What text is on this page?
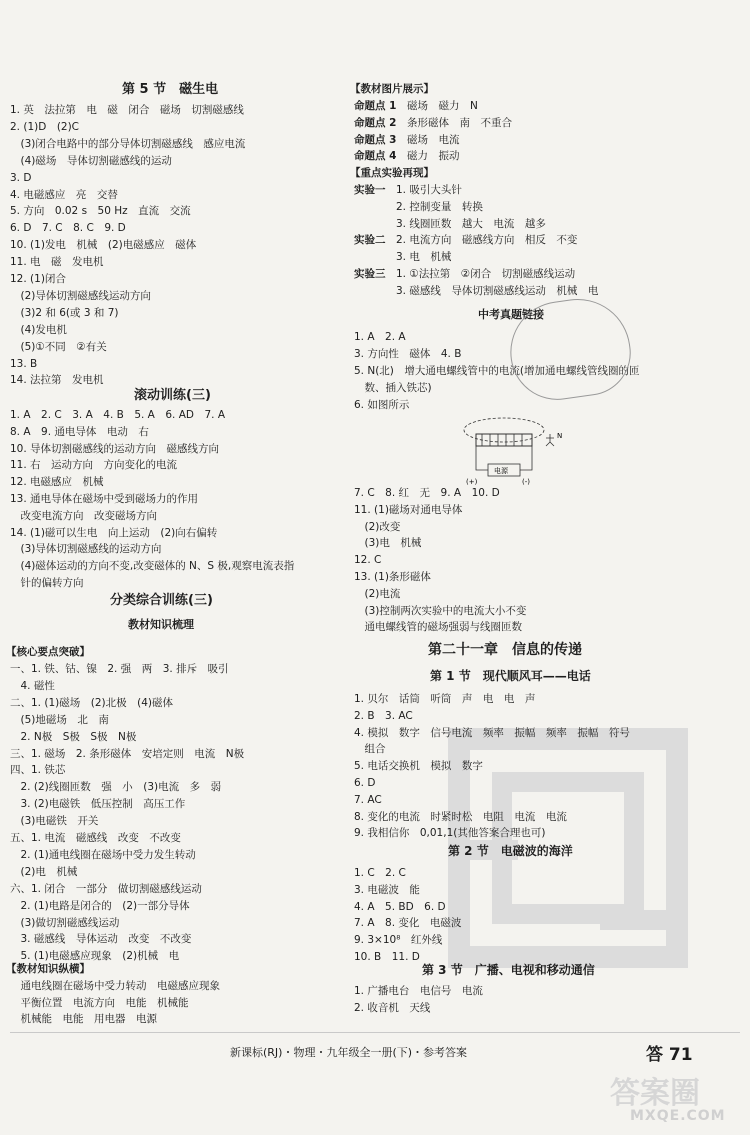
第 5 节　磁生电
1. 英　法拉第　电　磁　闭合　磁场　切割磁感线
2. (1)D　(2)C
　(3)闭合电路中的部分导体切割磁感线　感应电流
　(4)磁场　导体切割磁感线的运动
3. D
4. 电磁感应　亮　交替
5. 方向　0.02 s　50 Hz　直流　交流
6. D　7. C　8. C　9. D
10. (1)发电　机械　(2)电磁感应　磁体
11. 电　磁　发电机
12. (1)闭合
　(2)导体切割磁感线运动方向
　(3)2 和 6(或 3 和 7)
　(4)发电机
　(5)①不同　②有关
13. B
14. 法拉第　发电机
滚动训练(三)
1. A　2. C　3. A　4. B　5. A　6. AD　7. A
8. A　9. 通电导体　电动　右
10. 导体切割磁感线的运动方向　磁感线方向
11. 右　运动方向　方向变化的电流
12. 电磁感应　机械
13. 通电导体在磁场中受到磁场力的作用
　改变电流方向　改变磁场方向
14. (1)磁可以生电　向上运动　(2)向右偏转
　(3)导体切割磁感线的运动方向
　(4)磁体运动的方向不变,改变磁体的 N、S 极,观察电流表指
　针的偏转方向
分类综合训练(三)
教材知识梳理
【核心要点突破】
一、1. 铁、钴、镍　2. 强　两　3. 排斥　吸引
　4. 磁性
二、1. (1)磁场　(2)北极　(4)磁体
　(5)地磁场　北　南
　2. N极　S极　S极　N极
三、1. 磁场　2. 条形磁体　安培定则　电流　N极
四、1. 铁芯
　2. (2)线圈匝数　强　小　(3)电流　多　弱
　3. (2)电磁铁　低压控制　高压工作
　(3)电磁铁　开关
五、1. 电流　磁感线　改变　不改变
　2. (1)通电线圈在磁场中受力发生转动
　(2)电　机械
六、1. 闭合　一部分　做切割磁感线运动
　2. (1)电路是闭合的　(2)一部分导体
　(3)做切割磁感线运动
　3. 磁感线　导体运动　改变　不改变
　5. (1)电磁感应现象　(2)机械　电
【教材知识纵横】
　通电线圈在磁场中受力转动　电磁感应现象
　平衡位置　电流方向　电能　机械能
　机械能　电能　用电器　电源
【教材图片展示】
命题点 1　磁场　磁力　N
命题点 2　条形磁体　南　不重合
命题点 3　磁场　电流
命题点 4　磁力　振动
【重点实验再现】
实验一　1. 吸引大头针
　　　　2. 控制变量　转换
　　　　3. 线圈匝数　越大　电流　越多
实验二　2. 电流方向　磁感线方向　相反　不变
　　　　3. 电　机械
实验三　1. ①法拉第　②闭合　切割磁感线运动
　　　　3. 磁感线　导体切割磁感线运动　机械　电
中考真题链接
1. A　2. A
3. 方向性　磁体　4. B
5. N(北)　增大通电螺线管中的电流(增加通电螺线管线圈的匝
　数、插入铁芯)
6. 如图所示
电源
(+)	(-)
N
7. C　8. 红　无　9. A　10. D
11. (1)磁场对通电导体
　(2)改变
　(3)电　机械
12. C
13. (1)条形磁体
　(2)电流
　(3)控制两次实验中的电流大小不变
　通电螺线管的磁场强弱与线圈匝数
第二十一章　信息的传递
第 1 节　现代顺风耳——电话
1. 贝尔　话筒　听筒　声　电　电　声
2. B　3. AC
4. 模拟　数字　信号电流　频率　振幅　频率　振幅　符号
　组合
5. 电话交换机　模拟　数字
6. D
7. AC
8. 变化的电流　时紧时松　电阻　电流　电流
9. 我相信你　0,01,1(其他答案合理也可)
第 2 节　电磁波的海洋
1. C　2. C
3. 电磁波　能
4. A　5. BD　6. D
7. A　8. 变化　电磁波
9. 3×10⁸　红外线
10. B　11. D
第 3 节　广播、电视和移动通信
1. 广播电台　电信号　电流
2. 收音机　天线
新课标(RJ)・物理・九年级全一册(下)・参考答案	答 71
答案圈
MXQE.COM
